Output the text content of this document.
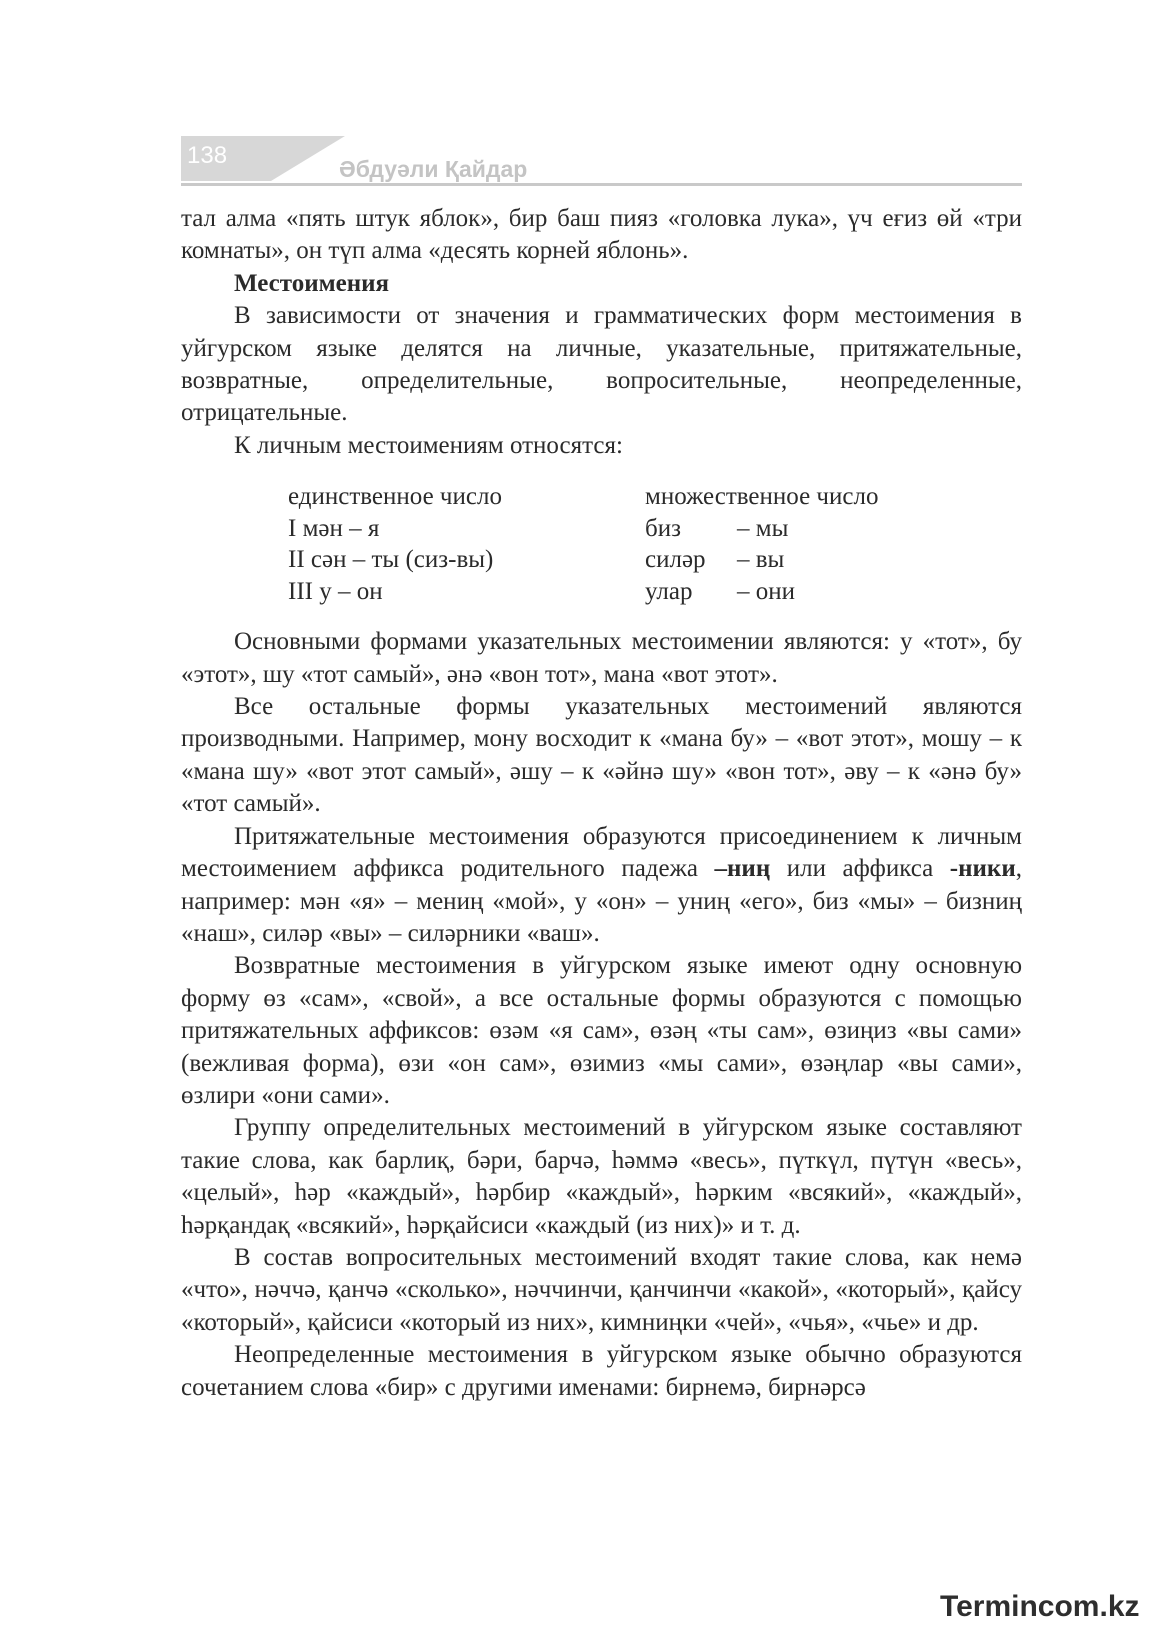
138	Әбдуәли Қайдар

тал алма «пять штук яблок», бир баш пияз «головка лука», үч еғиз өй «три комнаты», он түп алма «десять корней яблонь».

Местоимения

В зависимости от значения и грамматических форм местоимения в уйгурском языке делятся на личные, указательные, притяжательные, возвратные, определительные, вопросительные, неопределенные, отрицательные.

К личным местоимениям относятся:

единственное число	множественное число
I мән – я	биз	– мы
II сән – ты (сиз-вы)	силәр	– вы
III у – он	улар	– они

Основными формами указательных местоимении являются: у «тот», бу «этот», шу «тот самый», әнә «вон тот», мана «вот этот».

Все остальные формы указательных местоимений являются производными. Например, мону восходит к «мана бу» – «вот этот», мошу – к «мана шу» «вот этот самый», әшу – к «әйнә шу» «вон тот», әву – к «әнә бу» «тот самый».

Притяжательные местоимения образуются присоединением к личным местоимением аффикса родительного падежа –ниң или аффикса -ники, например: мән «я» – мениң «мой», у «он» – униң «его», биз «мы» – бизниң «наш», силәр «вы» – силәрники «ваш».

Возвратные местоимения в уйгурском языке имеют одну основную форму өз «сам», «свой», а все остальные формы образуются с помощью притяжательных аффиксов: өзәм «я сам», өзәң «ты сам», өзиңиз «вы сами» (вежливая форма), өзи «он сам», өзимиз «мы сами», өзәңлар «вы сами», өзлири «они сами».

Группу определительных местоимений в уйгурском языке составляют такие слова, как барлиқ, бәри, барчә, һәммә «весь», пүткүл, пүтүн «весь», «целый», һәр «каждый», һәрбир «каждый», һәрким «всякий», «каждый», һәрқандақ «всякий», һәрқайсиси «каждый (из них)» и т. д.

В состав вопросительных местоимений входят такие слова, как немә «что», нәччә, қанчә «сколько», нәччинчи, қанчинчи «какой», «который», қайсу «который», қайсиси «который из них», кимниңки «чей», «чья», «чье» и др.

Неопределенные местоимения в уйгурском языке обычно образуются сочетанием слова «бир» с другими именами: бирнемә, бирнәрсә

Termincom.kz
